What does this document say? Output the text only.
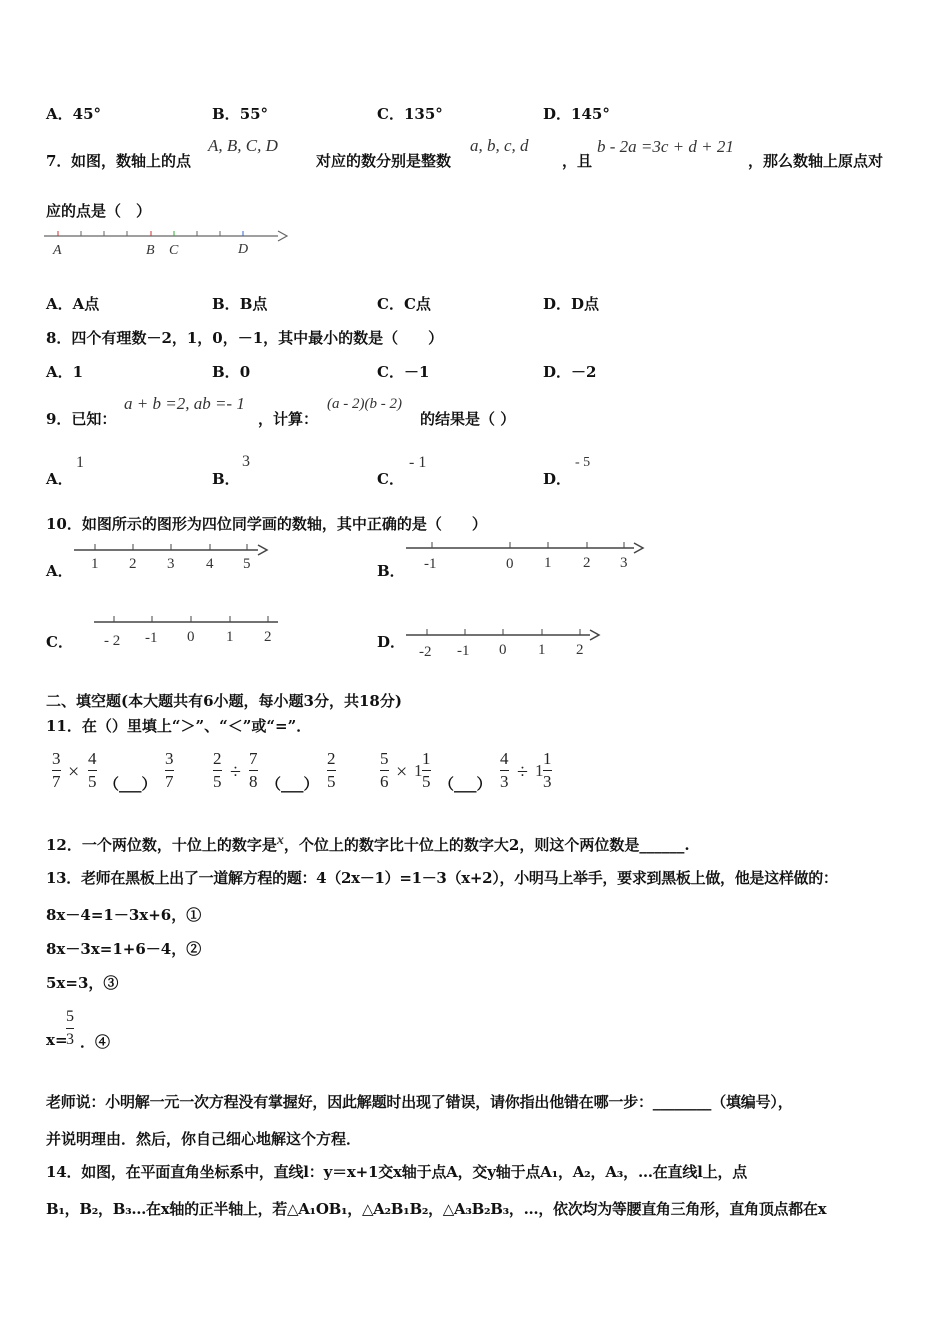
A．45°	B．55°	C．135°	D．145°
7． 如图，数轴上的点
A, B, C, D
对应的数分别是整数
a, b, c, d
，且
b - 2a =3c + d + 21
，那么数轴上原点对
应的点是（　）
A	B C	D
A．A点	B．B点	C．C点	D．D点
8．四个有理数－2，1，0，－1，其中最小的数是（　　）
A．1	B．0	C．－1	D．－2
9．已知：
a + b =2, ab =- 1
，计算：
(a - 2)(b - 2)
的结果是（ ）
A．
1
B．
3
C．
- 1
D．
- 5
10．如图所示的图形为四位同学画的数轴，其中正确的是（　　）
A． 1 2 3 4 5	B． -1	0 1 2 3
C． - 2 -1 0 1 2	D．
-2 -1 0 1 2
二、填空题(本大题共有6小题，每小题3分，共18分)
11．在（）里填上“＞”、“＜”或“=”．
3
7 ×
4
5 （___）
3
7
2
5 ÷
7
8 （___）
2
5
5
6 × 1
1
5 （___）
4
3 ÷ 1
1
3
12．一个两位数，十位上的数字是x，个位上的数字比十位上的数字大2，则这个两位数是______.
13．老师在黑板上出了一道解方程的题：4（2x－1）=1－3（x+2），小明马上举手，要求到黑板上做，他是这样做的：
8x－4=1－3x+6，①
8x－3x=1+6－4，②
5x=3，③
x=
5
3 ．④
老师说：小明解一元一次方程没有掌握好，因此解题时出现了错误，请你指出他错在哪一步：________（填编号），
并说明理由．然后，你自己细心地解这个方程．
14．如图，在平面直角坐标系中，直线l：y＝x+1交x轴于点A，交y轴于点A₁，A₂，A₃，…在直线l上，点
B₁，B₂，B₃…在x轴的正半轴上，若△A₁OB₁，△A₂B₁B₂，△A₃B₂B₃，…，依次均为等腰直角三角形，直角顶点都在x
